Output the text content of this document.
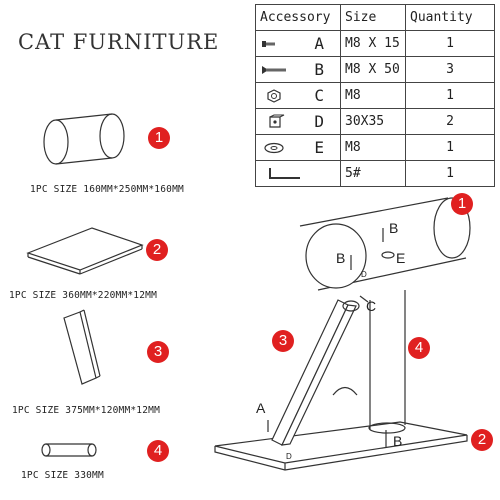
CAT FURNITURE
Accessory	Size	Quantity

A	M8 X 15	1

B	M8 X 50	3

C	M8	1

D	30X35	2

E	M8	1

	5#	1
1PC SIZE 160MM*250MM*160MM
1
1PC SIZE 360MM*220MM*12MM
2
1PC SIZE 375MM*120MM*12MM
3
1PC SIZE 330MM
4
1
3	4
2
B
B	E
D
C
A
B
D
